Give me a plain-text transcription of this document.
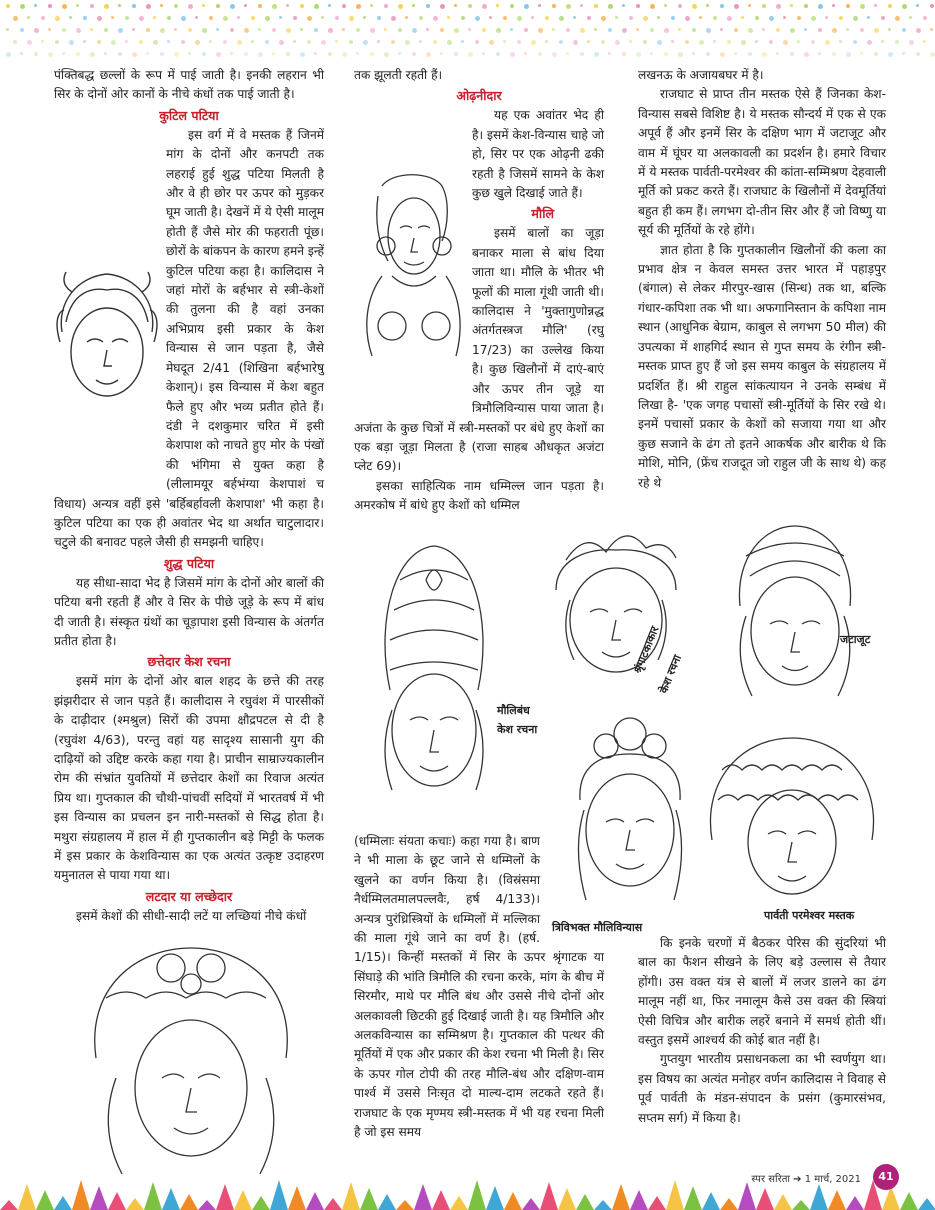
पंक्तिबद्ध छल्लों के रूप में पाई जाती है। इनकी लहरान भी सिर के दोनों ओर कानों के नीचे कंधों तक पाई जाती है।

कुटिल पटिया

इस वर्ग में वे मस्तक हैं जिनमें मांग के दोनों और कनपटी तक लहराई हुई शुद्ध पटिया मिलती है और वे ही छोर पर ऊपर को मुड़कर घूम जाती है। देखनें में ये ऐसी मालूम होती हैं जैसे मोर की फहराती पूंछ। छोरों के बांकपन के कारण हमने इन्हें कुटिल पटिया कहा है। कालिदास ने जहां मोरों के बर्हभार से स्त्री-केशों की तुलना की है वहां उनका अभिप्राय इसी प्रकार के केश विन्यास से जान पड़ता है, जैसे मेघदूत 2/41 (शिखिना बर्हभारेषु केशान्)। इस विन्यास में केश बहुत फैले हुए और भव्य प्रतीत होते हैं। दंडी ने दशकुमार चरित में इसी केशपाश को नाचते हुए मोर के पंखों की भंगिमा से युक्त कहा है (लीलामयूर बर्हभंग्या केशपाशं च विधाय) अन्यत्र वहीं इसे 'बर्हिबर्हावली केशपाश' भी कहा है। कुटिल पटिया का एक ही अवांतर भेद था अर्थात चाटुलादार। चटुले की बनावट पहले जैसी ही समझनी चाहिए।

शुद्ध पटिया

यह सीधा-सादा भेद है जिसमें मांग के दोनों ओर बालों की पटिया बनी रहती हैं और वे सिर के पीछे जूड़े के रूप में बांध दी जाती है। संस्कृत ग्रंथों का चूड़ापाश इसी विन्यास के अंतर्गत प्रतीत होता है।

छत्तेदार केश रचना

इसमें मांग के दोनों ओर बाल शहद के छत्ते की तरह झंझरीदार से जान पड़ते हैं। कालीदास ने रघुवंश में पारसीकों के दाढ़ीदार (श्मश्रुल) सिरों की उपमा क्षौद्रपटल से दी है (रघुवंश 4/63), परन्तु वहां यह सादृश्य सासानी युग की दाढ़ियों को उद्दिष्ट करके कहा गया है। प्राचीन साम्राज्यकालीन रोम की संभ्रांत युवतियों में छत्तेदार केशों का रिवाज अत्यंत प्रिय था। गुप्तकाल की चौथी-पांचवीं सदियों में भारतवर्ष में भी इस विन्यास का प्रचलन इन नारी-मस्तकों से सिद्ध होता है। मथुरा संग्रहालय में हाल में ही गुप्तकालीन बड़े मिट्टी के फलक में इस प्रकार के केशविन्यास का एक अत्यंत उत्कृष्ट उदाहरण यमुनातल से पाया गया था।

लटदार या लच्छेदार

इसमें केशों की सीधी-सादी लटें या लच्छियां नीचे कंधों

तक झूलती रहती हैं।

ओढ़नीदार

यह एक अवांतर भेद ही है। इसमें केश-विन्यास चाहे जो हो, सिर पर एक ओढ़नी ढकी रहती है जिसमें सामने के केश कुछ खुले दिखाई जाते हैं।

मौलि

इसमें बालों का जूड़ा बनाकर माला से बांध दिया जाता था। मौलि के भीतर भी फूलों की माला गूंथी जाती थी। कालिदास ने 'मुक्तागुणोन्नद्ध अंतर्गतस्त्रज मौलि' (रघु 17/23) का उल्लेख किया है। कुछ खिलौनों में दाएं-बाएं और ऊपर तीन जूड़े या त्रिमौलिविन्यास पाया जाता है। अजंता के कुछ चित्रों में स्त्री-मस्तकों पर बंधे हुए केशों का एक बड़ा जूड़ा मिलता है (राजा साहब औधकृत अजंटा प्लेट 69)।

इसका साहित्यिक नाम धम्मिल्ल जान पड़ता है। अमरकोष में बांधे हुए केशों को धम्मिल

(धम्मिलाः संयता कचाः) कहा गया है। बाण ने भी माला के छूट जाने से धम्मिलों के खुलने का वर्णन किया है। (विस्रंसमा नैर्धम्मिलतमालपल्लवैः, हर्ष 4/133)। अन्यत्र पुरंध्रिस्त्रियों के धम्मिलों में मल्लिका की माला गूंथे जाने का वर्ण है। (हर्ष. 1/15)। किन्हीं मस्तकों में सिर के ऊपर श्रृंगाटक या सिंघाड़े की भांति त्रिमौलि की रचना करके, मांग के बीच में सिरमौर, माथे पर मौलि बंध और उससे नीचे दोनों ओर अलकावली छिटकी हुई दिखाई जाती है। यह त्रिमौलि और अलकविन्यास का सम्मिश्रण है। गुप्तकाल की पत्थर की मूर्तियों में एक और प्रकार की केश रचना भी मिली है। सिर के ऊपर गोल टोपी की तरह मौलि-बंध और दक्षिण-वाम पार्श्व में उससे निःसृत दो माल्य-दाम लटकते रहते हैं। राजघाट के एक मृण्मय स्त्री-मस्तक में भी यह रचना मिली है जो इस समय

लखनऊ के अजायबघर में है।

राजघाट से प्राप्त तीन मस्तक ऐसे हैं जिनका केश-विन्यास सबसे विशिष्ट है। ये मस्तक सौन्दर्य में एक से एक अपूर्व हैं और इनमें सिर के दक्षिण भाग में जटाजूट और वाम में घूंघर या अलकावली का प्रदर्शन है। हमारे विचार में ये मस्तक पार्वती-परमेश्वर की कांता-सम्मिश्रण देहवाली मूर्ति को प्रकट करते हैं। राजघाट के खिलौनों में देवमूर्तियां बहुत ही कम हैं। लगभग दो-तीन सिर और हैं जो विष्णु या सूर्य की मूर्तियों के रहे होंगे।

ज्ञात होता है कि गुप्तकालीन खिलौनों की कला का प्रभाव क्षेत्र न केवल समस्त उत्तर भारत में पहाड़पुर (बंगाल) से लेकर मीरपुर-खास (सिन्ध) तक था, बल्कि गंधार-कपिशा तक भी था। अफगानिस्तान के कपिशा नाम स्थान (आधुनिक बेग्राम, काबुल से लगभग 50 मील) की उपत्यका में शाहगिर्द स्थान से गुप्त समय के रंगीन स्त्री-मस्तक प्राप्त हुए हैं जो इस समय काबुल के संग्रहालय में प्रदर्शित हैं। श्री राहुल सांकत्यायन ने उनके सम्बंध में लिखा है- 'एक जगह पचासों स्त्री-मूर्तियों के सिर रखे थे। इनमें पचासों प्रकार के केशों को सजाया गया था और कुछ सजाने के ढंग तो इतने आकर्षक और बारीक थे कि मोशि, मोनि, (फ्रेंच राजदूत जो राहुल जी के साथ थे) कह रहे थे

कि इनके चरणों में बैठकर पेरिस की सुंदरियां भी बाल का फैशन सीखने के लिए बड़े उल्लास से तैयार होंगी। उस वक्त यंत्र से बालों में लजर डालने का ढंग मालूम नहीं था, फिर नमालूम कैसे उस वक्त की स्त्रियां ऐसी विचित्र और बारीक लहरें बनाने में समर्थ होती थीं। वस्तुत इसमें आश्चर्य की कोई बात नहीं है।

गुप्तयुग भारतीय प्रसाधनकला का भी स्वर्णयुग था। इस विषय का अत्यंत मनोहर वर्णन कालिदास ने विवाह से पूर्व पार्वती के मंडन-संपादन के प्रसंग (कुमारसंभव, सप्तम सर्ग) में किया है।

मौलिबंध
केश रचना
श्रृंगाटकाकार
केश रचना
जटाजूट
त्रिविभक्त मौलिविन्यास
पार्वती परमेश्वर मस्तक
स्पर सरिता ➔ 1 मार्च, 2021	41
